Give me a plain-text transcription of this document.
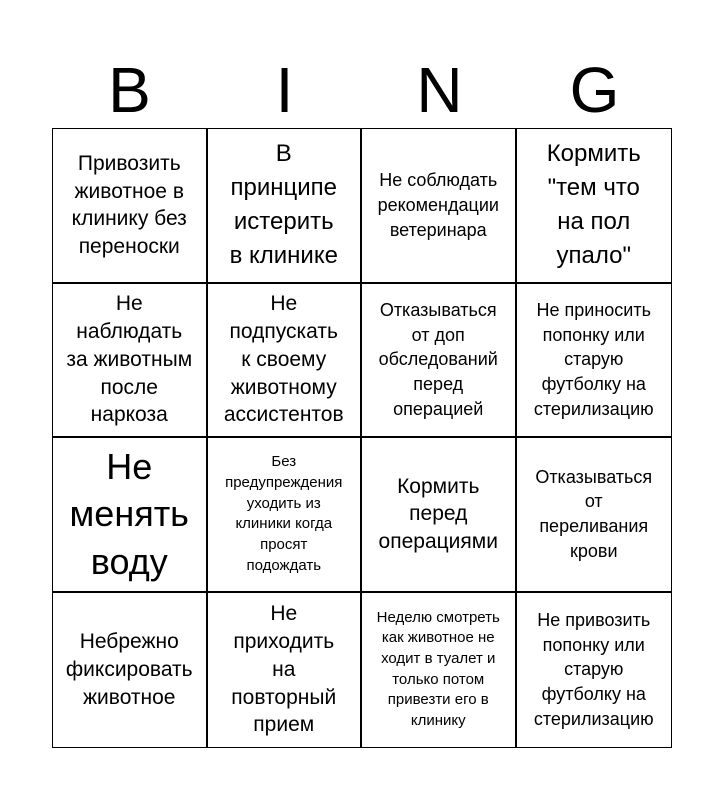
B	I	N	G
Привозить
животное в
клинику без
переноски
В
принципе
истерить
в клинике
Не соблюдать
рекомендации
ветеринара
Кормить
"тем что
на пол
упало"
Не
наблюдать
за животным
после
наркоза
Не
подпускать
к своему
животному
ассистентов
Отказываться
от доп
обследований
перед
операцией
Не приносить
попонку или
старую
футболку на
стерилизацию
Не
менять
воду
Без
предупреждения
уходить из
клиники когда
просят
подождать
Кормить
перед
операциями
Отказываться
от
переливания
крови
Небрежно
фиксировать
животное
Не
приходить
на
повторный
прием
Неделю смотреть
как животное не
ходит в туалет и
только потом
привезти его в
клинику
Не привозить
попонку или
старую
футболку на
стерилизацию
